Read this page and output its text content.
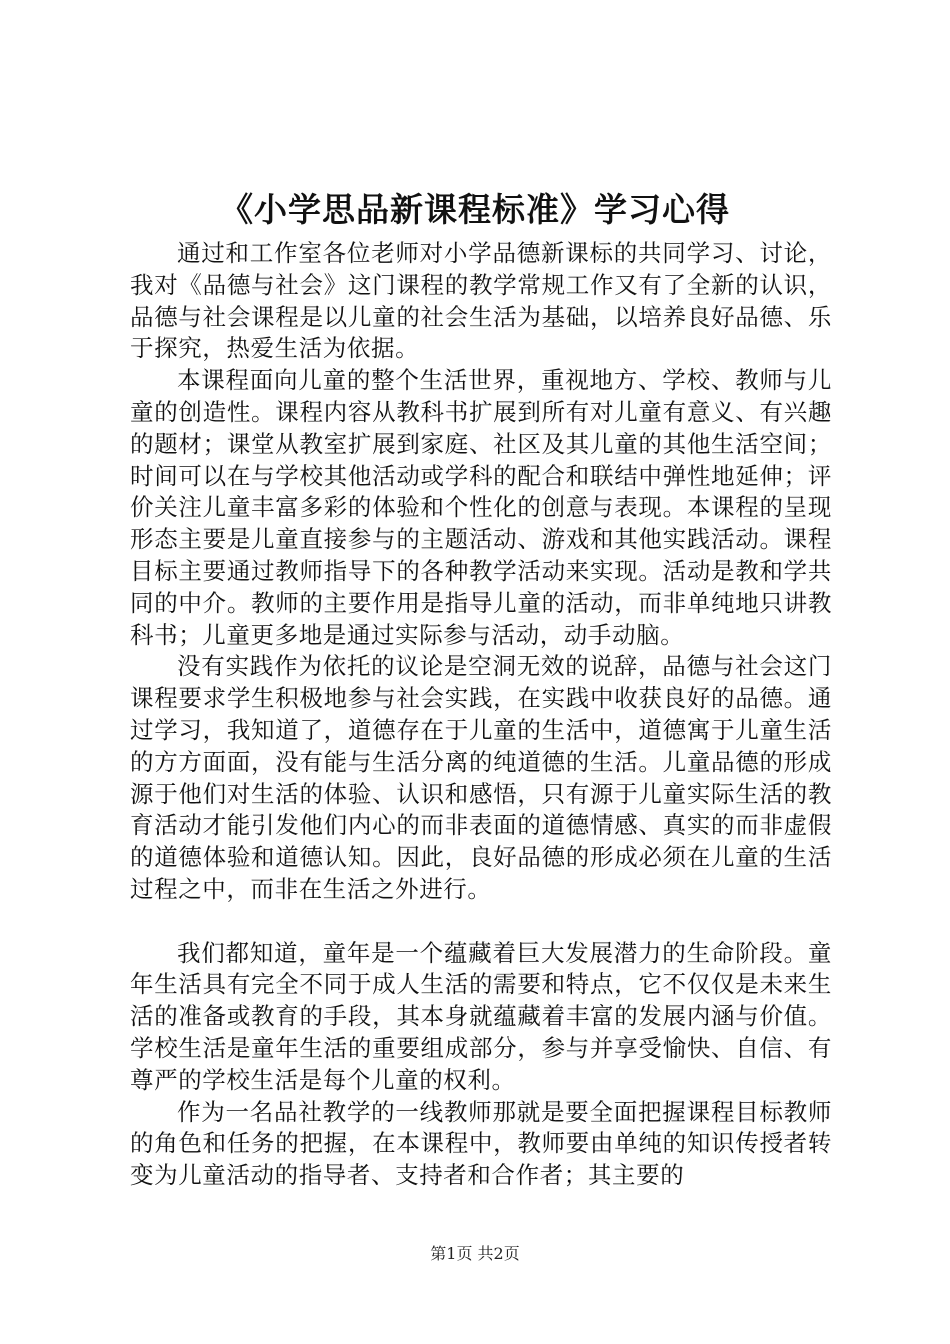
《小学思品新课程标准》学习心得

通过和工作室各位老师对小学品德新课标的共同学习、讨论，我对《品德与社会》这门课程的教学常规工作又有了全新的认识，品德与社会课程是以儿童的社会生活为基础，以培养良好品德、乐于探究，热爱生活为依据。

本课程面向儿童的整个生活世界，重视地方、学校、教师与儿童的创造性。课程内容从教科书扩展到所有对儿童有意义、有兴趣的题材；课堂从教室扩展到家庭、社区及其儿童的其他生活空间；时间可以在与学校其他活动或学科的配合和联结中弹性地延伸；评价关注儿童丰富多彩的体验和个性化的创意与表现。本课程的呈现形态主要是儿童直接参与的主题活动、游戏和其他实践活动。课程目标主要通过教师指导下的各种教学活动来实现。活动是教和学共同的中介。教师的主要作用是指导儿童的活动，而非单纯地只讲教科书；儿童更多地是通过实际参与活动，动手动脑。

没有实践作为依托的议论是空洞无效的说辞，品德与社会这门课程要求学生积极地参与社会实践，在实践中收获良好的品德。通过学习，我知道了，道德存在于儿童的生活中，道德寓于儿童生活的方方面面，没有能与生活分离的纯道德的生活。儿童品德的形成源于他们对生活的体验、认识和感悟，只有源于儿童实际生活的教育活动才能引发他们内心的而非表面的道德情感、真实的而非虚假的道德体验和道德认知。因此，良好品德的形成必须在儿童的生活过程之中，而非在生活之外进行。

我们都知道，童年是一个蕴藏着巨大发展潜力的生命阶段。童年生活具有完全不同于成人生活的需要和特点，它不仅仅是未来生活的准备或教育的手段，其本身就蕴藏着丰富的发展内涵与价值。学校生活是童年生活的重要组成部分，参与并享受愉快、自信、有尊严的学校生活是每个儿童的权利。

作为一名品社教学的一线教师那就是要全面把握课程目标教师的角色和任务的把握，在本课程中，教师要由单纯的知识传授者转变为儿童活动的指导者、支持者和合作者；其主要的

第1页 共2页
